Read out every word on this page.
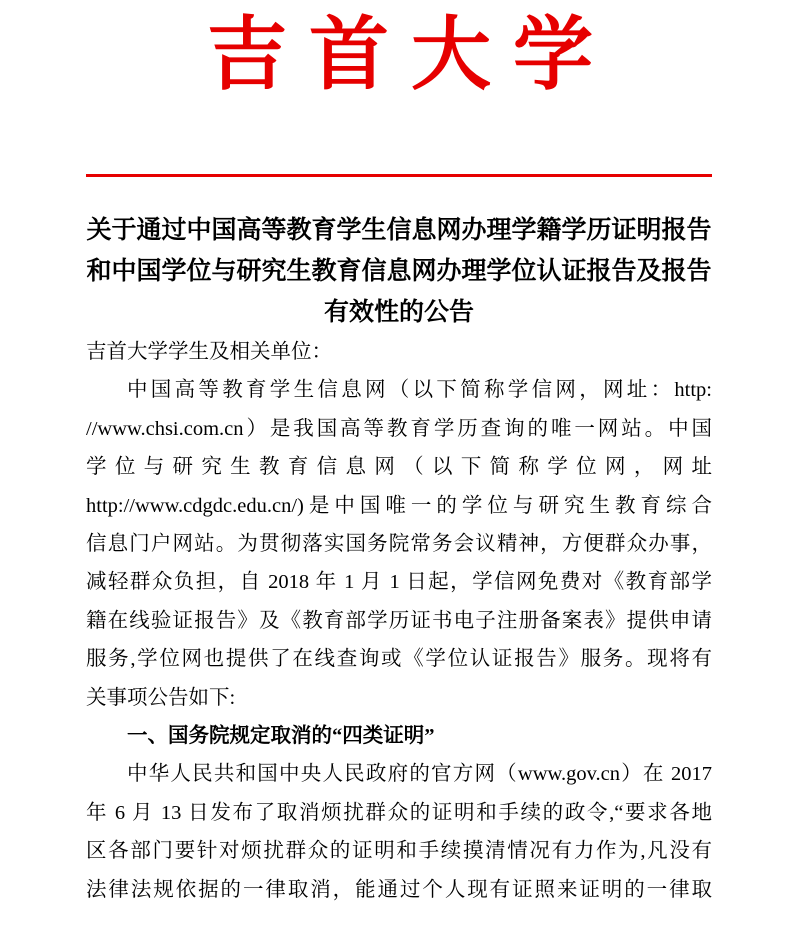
吉首大学
关于通过中国高等教育学生信息网办理学籍学历证明报告
和中国学位与研究生教育信息网办理学位认证报告及报告
有效性的公告
吉首大学学生及相关单位：
中国高等教育学生信息网（以下简称学信网，网址：http:
//www.chsi.com.cn）是我国高等教育学历查询的唯一网站。中国
学位与研究生教育信息网（以下简称学位网，网址
http://www.cdgdc.edu.cn/)是中国唯一的学位与研究生教育综合
信息门户网站。为贯彻落实国务院常务会议精神，方便群众办事，
减轻群众负担，自 2018 年 1 月 1 日起，学信网免费对《教育部学
籍在线验证报告》及《教育部学历证书电子注册备案表》提供申请
服务,学位网也提供了在线查询或《学位认证报告》服务。现将有
关事项公告如下:
一、国务院规定取消的“四类证明”
中华人民共和国中央人民政府的官方网（www.gov.cn）在 2017
年 6 月 13 日发布了取消烦扰群众的证明和手续的政令,“要求各地
区各部门要针对烦扰群众的证明和手续摸清情况有力作为,凡没有
法律法规依据的一律取消，能通过个人现有证照来证明的一律取
